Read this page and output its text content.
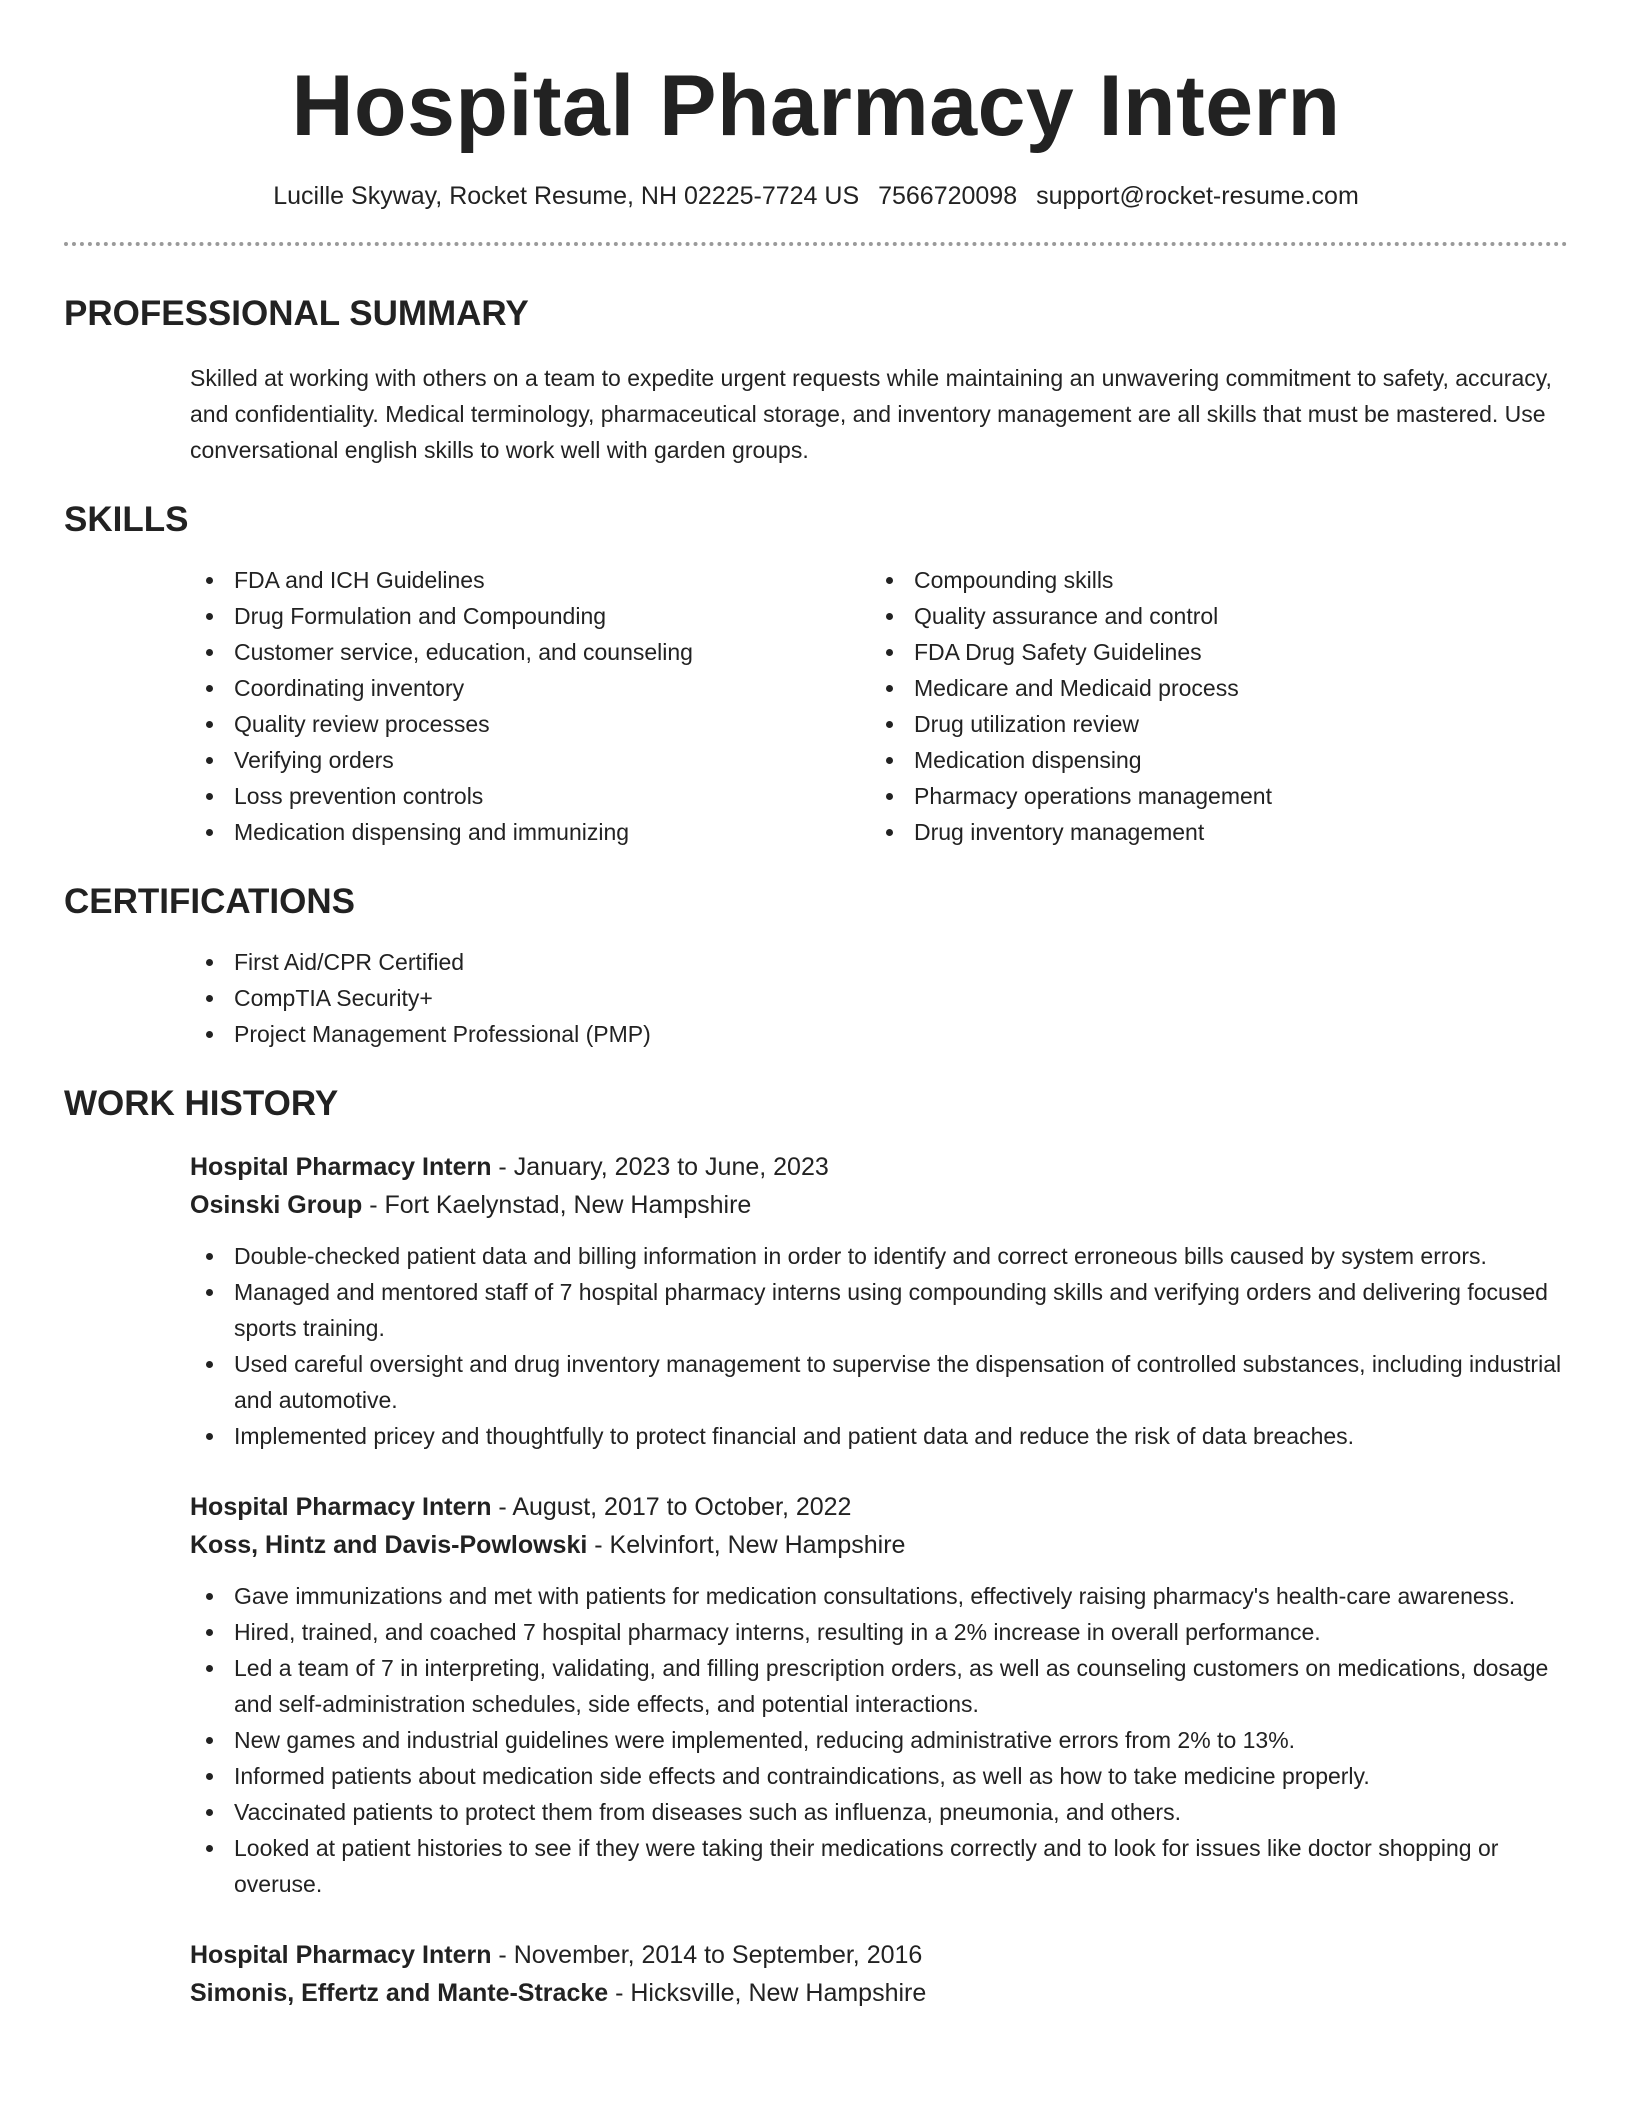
Hospital Pharmacy Intern
Lucille Skyway, Rocket Resume, NH 02225-7724 US 7566720098 support@rocket-resume.com
PROFESSIONAL SUMMARY
Skilled at working with others on a team to expedite urgent requests while maintaining an unwavering commitment to safety, accuracy, and confidentiality. Medical terminology, pharmaceutical storage, and inventory management are all skills that must be mastered. Use conversational english skills to work well with garden groups.
SKILLS
FDA and ICH Guidelines
Drug Formulation and Compounding
Customer service, education, and counseling
Coordinating inventory
Quality review processes
Verifying orders
Loss prevention controls
Medication dispensing and immunizing
Compounding skills
Quality assurance and control
FDA Drug Safety Guidelines
Medicare and Medicaid process
Drug utilization review
Medication dispensing
Pharmacy operations management
Drug inventory management
CERTIFICATIONS
First Aid/CPR Certified
CompTIA Security+
Project Management Professional (PMP)
WORK HISTORY
Hospital Pharmacy Intern - January, 2023 to June, 2023
Osinski Group - Fort Kaelynstad, New Hampshire
Double-checked patient data and billing information in order to identify and correct erroneous bills caused by system errors.
Managed and mentored staff of 7 hospital pharmacy interns using compounding skills and verifying orders and delivering focused sports training.
Used careful oversight and drug inventory management to supervise the dispensation of controlled substances, including industrial and automotive.
Implemented pricey and thoughtfully to protect financial and patient data and reduce the risk of data breaches.
Hospital Pharmacy Intern - August, 2017 to October, 2022
Koss, Hintz and Davis-Powlowski - Kelvinfort, New Hampshire
Gave immunizations and met with patients for medication consultations, effectively raising pharmacy's health-care awareness.
Hired, trained, and coached 7 hospital pharmacy interns, resulting in a 2% increase in overall performance.
Led a team of 7 in interpreting, validating, and filling prescription orders, as well as counseling customers on medications, dosage and self-administration schedules, side effects, and potential interactions.
New games and industrial guidelines were implemented, reducing administrative errors from 2% to 13%.
Informed patients about medication side effects and contraindications, as well as how to take medicine properly.
Vaccinated patients to protect them from diseases such as influenza, pneumonia, and others.
Looked at patient histories to see if they were taking their medications correctly and to look for issues like doctor shopping or overuse.
Hospital Pharmacy Intern - November, 2014 to September, 2016
Simonis, Effertz and Mante-Stracke - Hicksville, New Hampshire
